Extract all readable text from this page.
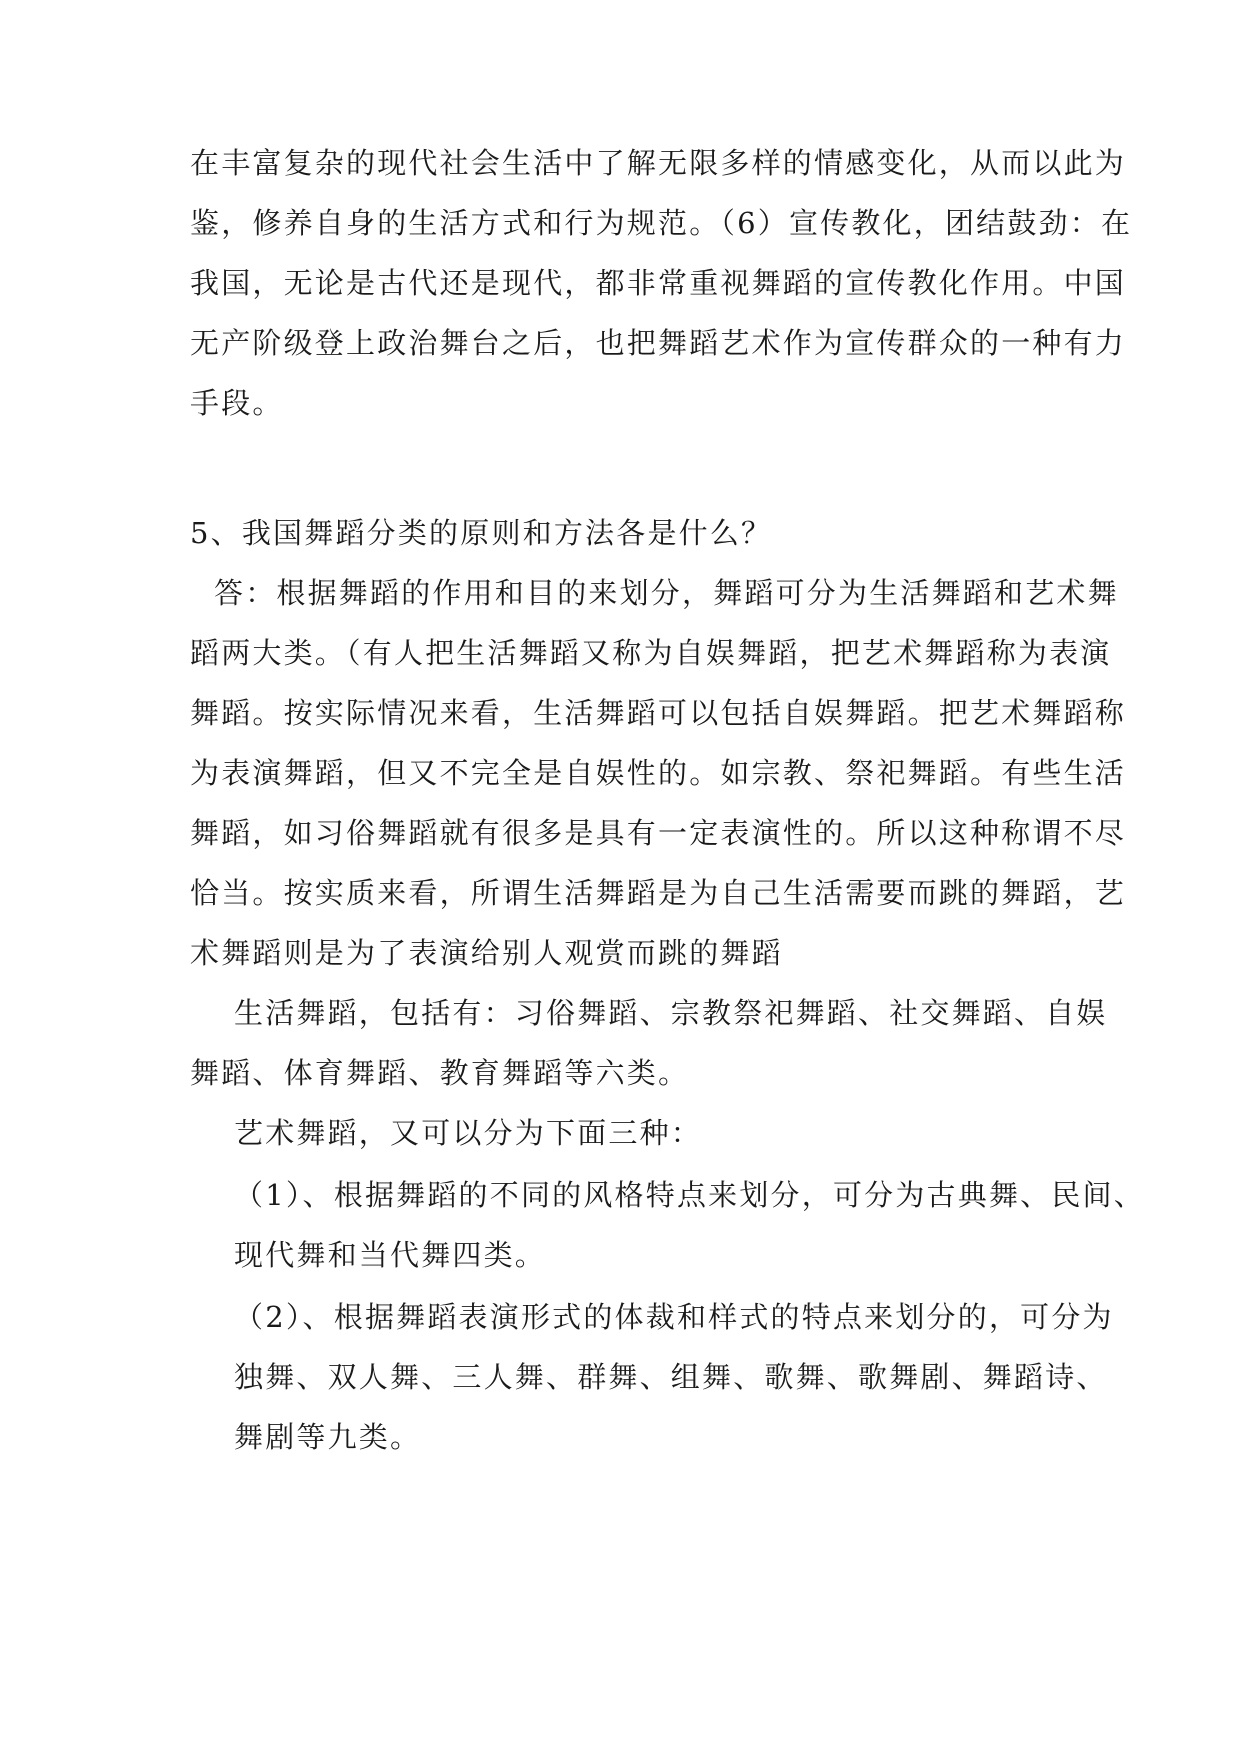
在丰富复杂的现代社会生活中了解无限多样的情感变化，从而以此为
鉴，修养自身的生活方式和行为规范。（6）宣传教化，团结鼓劲：在
我国，无论是古代还是现代，都非常重视舞蹈的宣传教化作用。中国
无产阶级登上政治舞台之后，也把舞蹈艺术作为宣传群众的一种有力
手段。
5、我国舞蹈分类的原则和方法各是什么？
答：根据舞蹈的作用和目的来划分，舞蹈可分为生活舞蹈和艺术舞
蹈两大类。（有人把生活舞蹈又称为自娱舞蹈，把艺术舞蹈称为表演
舞蹈。按实际情况来看，生活舞蹈可以包括自娱舞蹈。把艺术舞蹈称
为表演舞蹈，但又不完全是自娱性的。如宗教、祭祀舞蹈。有些生活
舞蹈，如习俗舞蹈就有很多是具有一定表演性的。所以这种称谓不尽
恰当。按实质来看，所谓生活舞蹈是为自己生活需要而跳的舞蹈，艺
术舞蹈则是为了表演给别人观赏而跳的舞蹈
生活舞蹈，包括有：习俗舞蹈、宗教祭祀舞蹈、社交舞蹈、自娱
舞蹈、体育舞蹈、教育舞蹈等六类。
艺术舞蹈，又可以分为下面三种：
（1）、根据舞蹈的不同的风格特点来划分，可分为古典舞、民间、
现代舞和当代舞四类。
（2）、根据舞蹈表演形式的体裁和样式的特点来划分的，可分为
独舞、双人舞、三人舞、群舞、组舞、歌舞、歌舞剧、舞蹈诗、
舞剧等九类。
